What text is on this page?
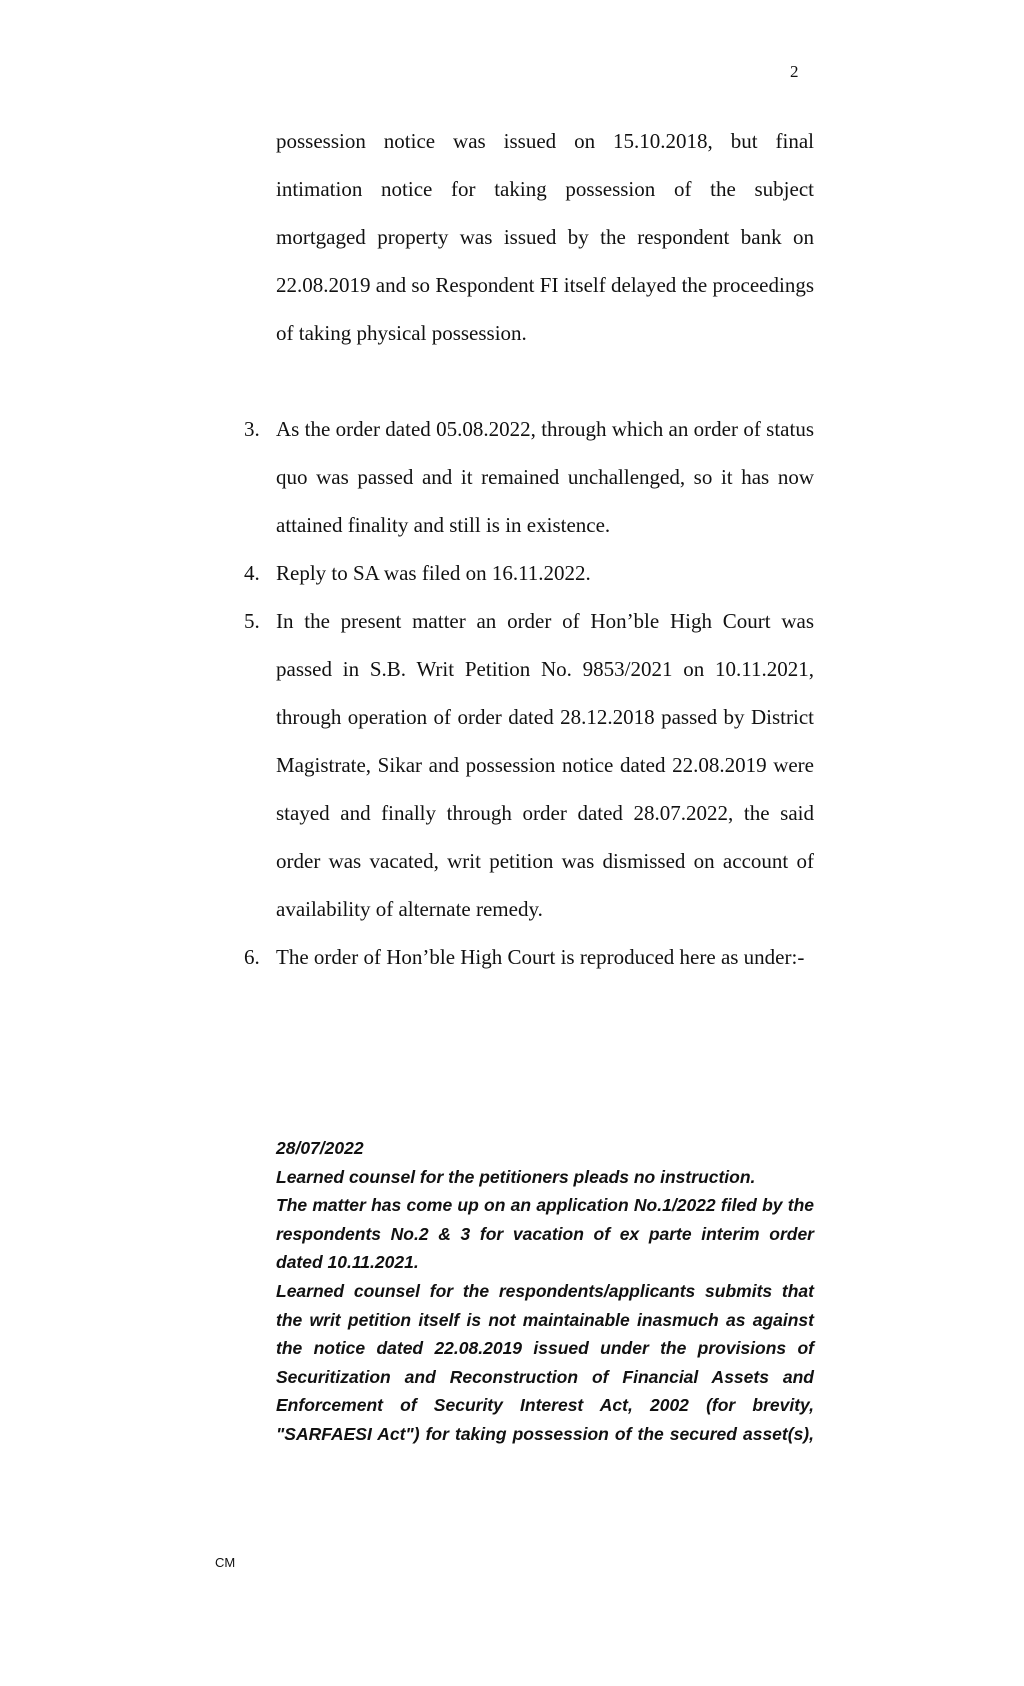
2
possession notice was issued on 15.10.2018, but final intimation notice for taking possession of the subject mortgaged property was issued by the respondent bank on 22.08.2019 and so Respondent FI itself delayed the proceedings of taking physical possession.
3. As the order dated 05.08.2022, through which an order of status quo was passed and it remained unchallenged, so it has now attained finality and still is in existence.
4. Reply to SA was filed on 16.11.2022.
5. In the present matter an order of Hon’ble High Court was passed in S.B. Writ Petition No. 9853/2021 on 10.11.2021, through operation of order dated 28.12.2018 passed by District Magistrate, Sikar and possession notice dated 22.08.2019 were stayed and finally through order dated 28.07.2022, the said order was vacated, writ petition was dismissed on account of availability of alternate remedy.
6. The order of Hon’ble High Court is reproduced here as under:-

28/07/2022

Learned counsel for the petitioners pleads no instruction.

The matter has come up on an application No.1/2022 filed by the respondents No.2 & 3 for vacation of ex parte interim order dated 10.11.2021.

Learned counsel for the respondents/applicants submits that the writ petition itself is not maintainable inasmuch as against the notice dated 22.08.2019 issued under the provisions of Securitization and Reconstruction of Financial Assets and Enforcement of Security Interest Act, 2002 (for brevity, "SARFAESI Act") for taking possession of the secured asset(s),

CM
